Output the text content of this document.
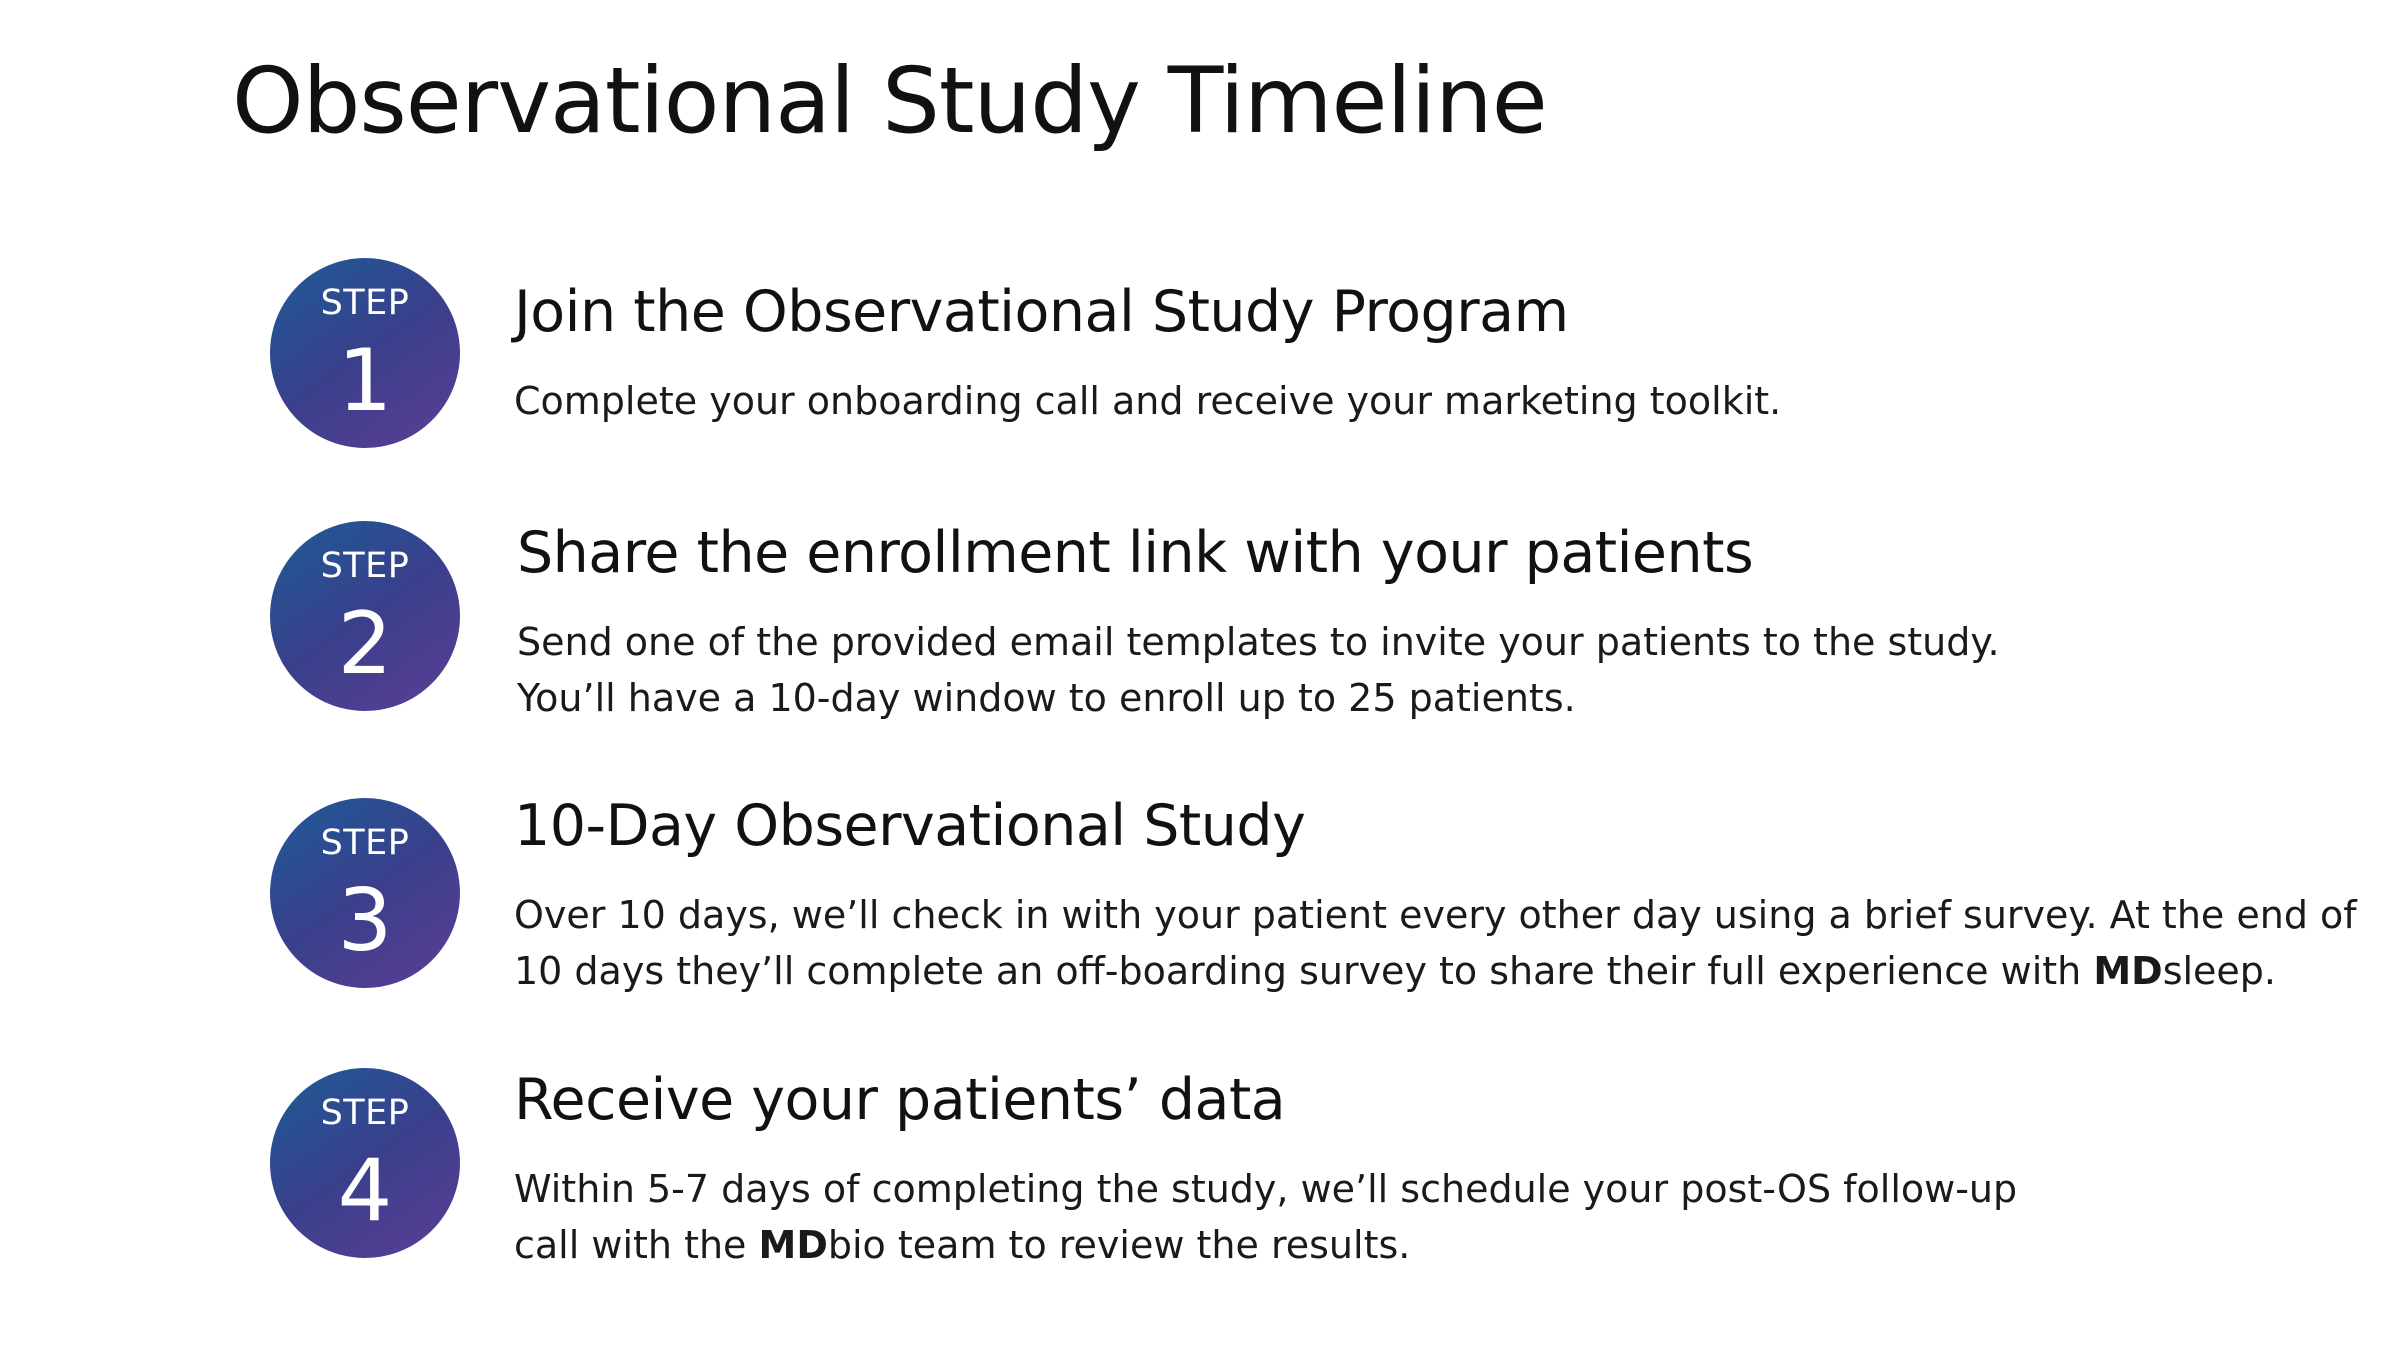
Observational Study Timeline
STEP
1
Join the Observational Study Program
Complete your onboarding call and receive your marketing toolkit.
STEP
2
Share the enrollment link with your patients
Send one of the provided email templates to invite your patients to the study.
You’ll have a 10-day window to enroll up to 25 patients.
STEP
3
10-Day Observational Study
Over 10 days, we’ll check in with your patient every other day using a brief survey. At the end of
10 days they’ll complete an off-boarding survey to share their full experience with MDsleep.
STEP
4
Receive your patients’ data
Within 5-7 days of completing the study, we’ll schedule your post-OS follow-up
call with the MDbio team to review the results.
